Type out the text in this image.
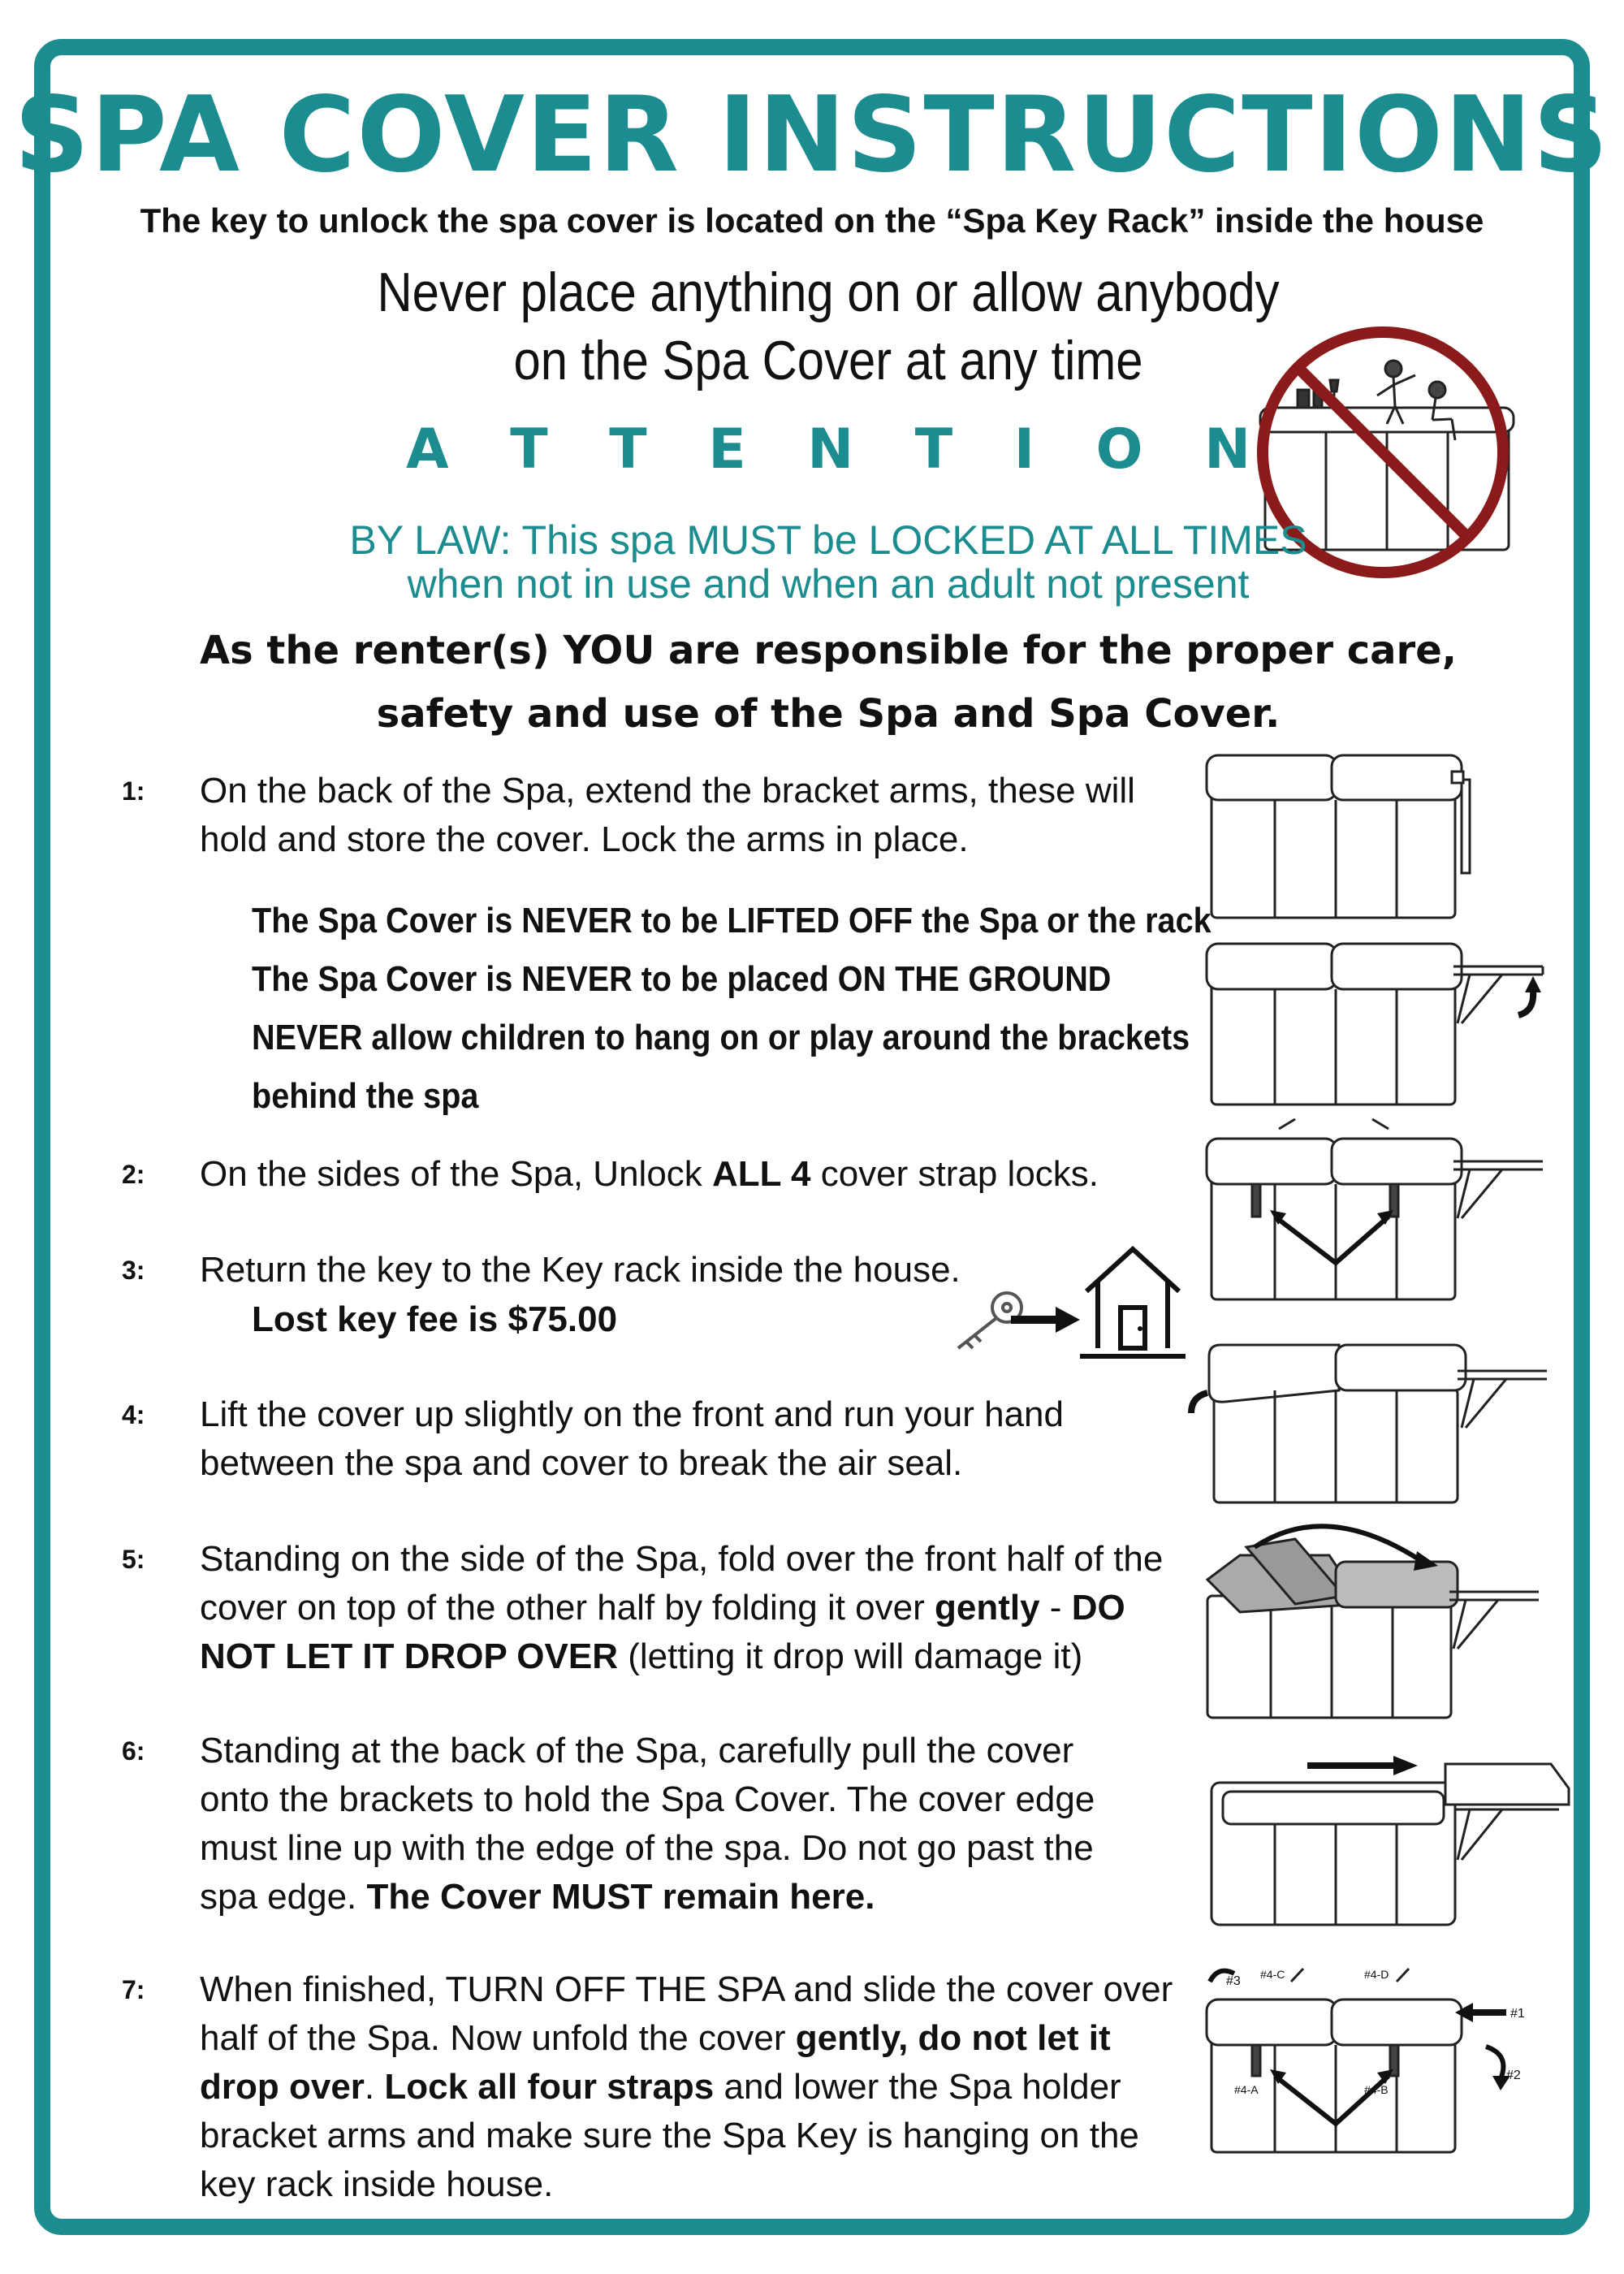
SPA COVER INSTRUCTIONS
The key to unlock the spa cover is located on the “Spa Key Rack” inside the house
Never place anything on or allow anybody
on the Spa Cover at any time
A T T E N T I O N
BY LAW: This spa MUST be LOCKED AT ALL TIMES
when not in use and when an adult not present
As the renter(s) YOU are responsible for the proper care,
safety and use of the Spa and Spa Cover.
1: On the back of the Spa, extend the bracket arms, these will hold and store the cover. Lock the arms in place.
The Spa Cover is NEVER to be LIFTED OFF the Spa or the rack
The Spa Cover is NEVER to be placed ON THE GROUND
NEVER allow children to hang on or play around the brackets
behind the spa
2: On the sides of the Spa, Unlock ALL 4 cover strap locks.
3: Return the key to the Key rack inside the house.
Lost key fee is $75.00
4: Lift the cover up slightly on the front and run your hand between the spa and cover to break the air seal.
5: Standing on the side of the Spa, fold over the front half of the cover on top of the other half by folding it over gently - DO NOT LET IT DROP OVER (letting it drop will damage it)
6: Standing at the back of the Spa, carefully pull the cover onto the brackets to hold the Spa Cover. The cover edge must line up with the edge of the spa. Do not go past the spa edge. The Cover MUST remain here.
7: When finished, TURN OFF THE SPA and slide the cover over half of the Spa. Now unfold the cover gently, do not let it drop over. Lock all four straps and lower the Spa holder bracket arms and make sure the Spa Key is hanging on the key rack inside house.
#3 #4-C	#4-D
#1
#2
#4-A	#4-B
